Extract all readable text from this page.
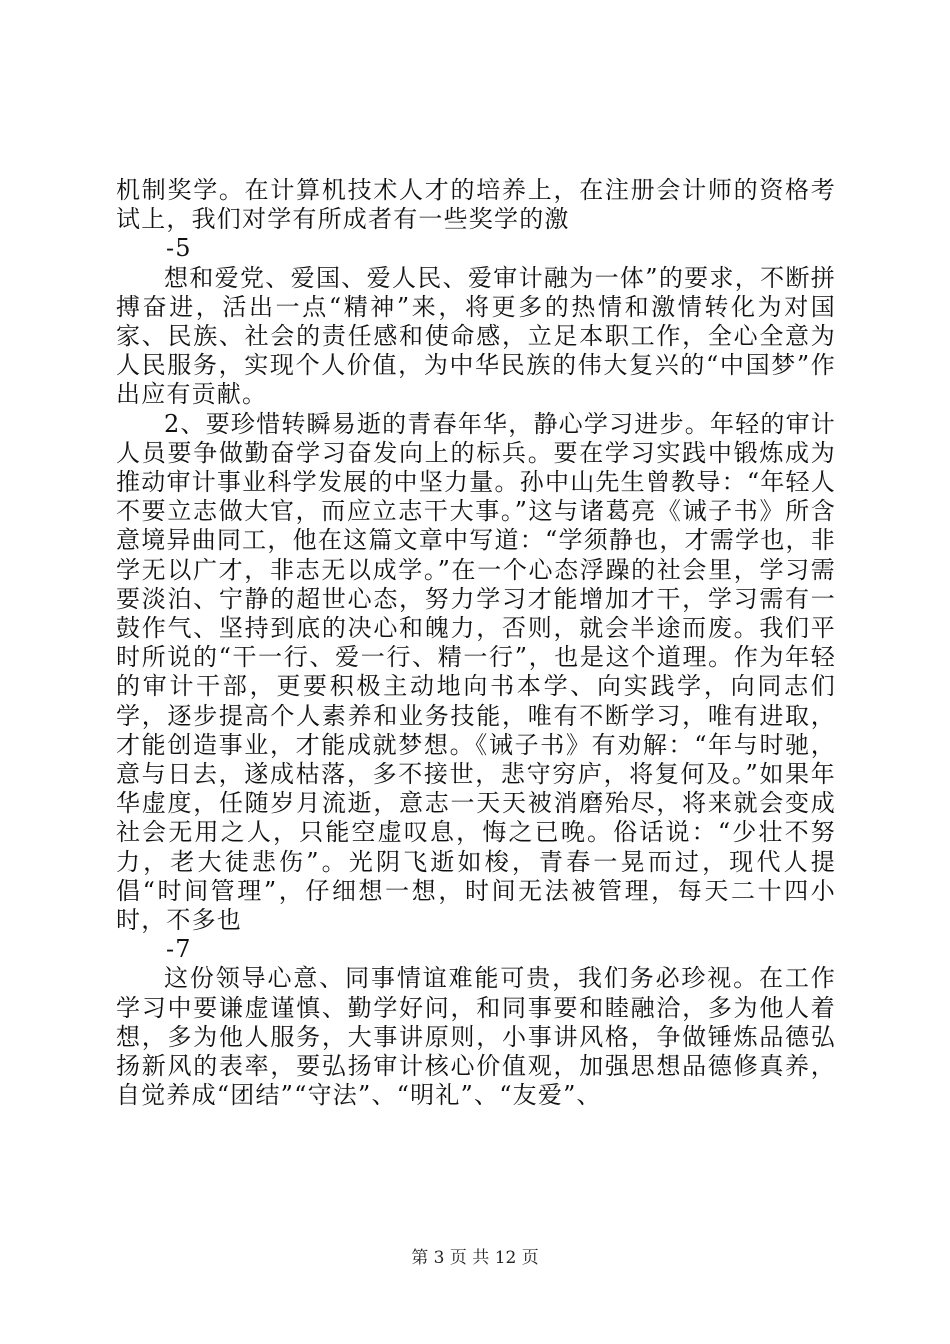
机制奖学。在计算机技术人才的培养上，在注册会计师的资格考试上，我们对学有所成者有一些奖学的激

-5

想和爱党、爱国、爱人民、爱审计融为一体”的要求，不断拼搏奋进，活出一点“精神”来，将更多的热情和激情转化为对国家、民族、社会的责任感和使命感，立足本职工作，全心全意为人民服务，实现个人价值，为中华民族的伟大复兴的“中国梦”作出应有贡献。

2、要珍惜转瞬易逝的青春年华，静心学习进步。年轻的审计人员要争做勤奋学习奋发向上的标兵。要在学习实践中锻炼成为推动审计事业科学发展的中坚力量。孙中山先生曾教导：“年轻人不要立志做大官，而应立志干大事。”这与诸葛亮《诫子书》所含意境异曲同工，他在这篇文章中写道：“学须静也，才需学也，非学无以广才，非志无以成学。”在一个心态浮躁的社会里，学习需要淡泊、宁静的超世心态，努力学习才能增加才干，学习需有一鼓作气、坚持到底的决心和魄力，否则，就会半途而废。我们平时所说的“干一行、爱一行、精一行”，也是这个道理。作为年轻的审计干部，更要积极主动地向书本学、向实践学，向同志们学，逐步提高个人素养和业务技能，唯有不断学习，唯有进取，才能创造事业，才能成就梦想。《诫子书》有劝解：“年与时驰，意与日去，遂成枯落，多不接世，悲守穷庐，将复何及。”如果年华虚度，任随岁月流逝，意志一天天被消磨殆尽，将来就会变成社会无用之人，只能空虚叹息，悔之已晚。俗话说：“少壮不努力，老大徒悲伤”。光阴飞逝如梭，青春一晃而过，现代人提倡“时间管理”，仔细想一想，时间无法被管理，每天二十四小时，不多也

-7

这份领导心意、同事情谊难能可贵，我们务必珍视。在工作学习中要谦虚谨慎、勤学好问，和同事要和睦融洽，多为他人着想，多为他人服务，大事讲原则，小事讲风格，争做锤炼品德弘扬新风的表率，要弘扬审计核心价值观，加强思想品德修真养，自觉养成“团结”“守法”、“明礼”、“友爱”、

第 3 页 共 12 页
